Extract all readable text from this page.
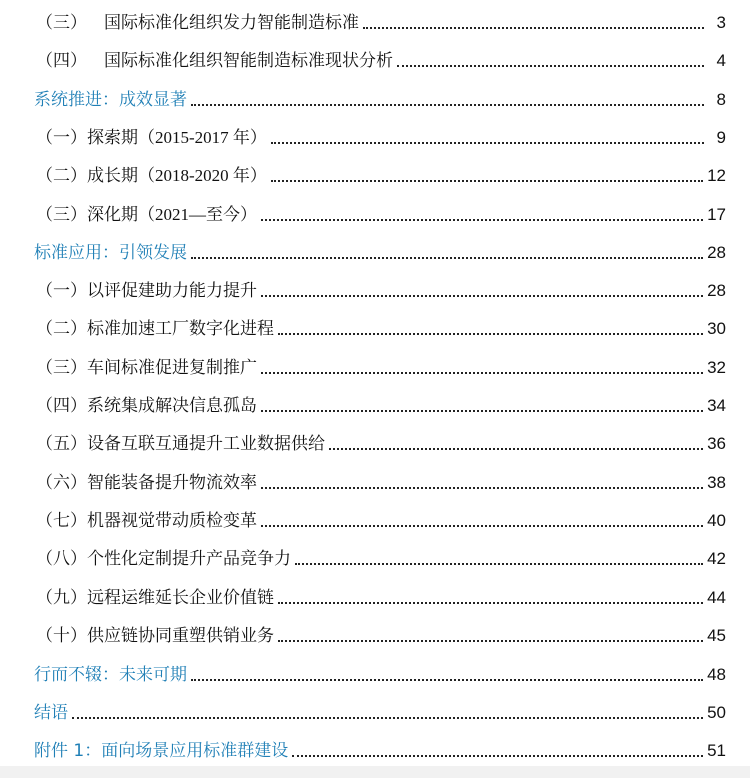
（三） 国际标准化组织发力智能制造标准	3
（四） 国际标准化组织智能制造标准现状分析	4
系统推进：成效显著	8
（一）探索期（2015-2017 年）	9
（二）成长期（2018-2020 年）	12
（三）深化期（2021—至今）	17
标准应用：引领发展	28
（一）以评促建助力能力提升	28
（二）标准加速工厂数字化进程	30
（三）车间标准促进复制推广	32
（四）系统集成解决信息孤岛	34
（五）设备互联互通提升工业数据供给	36
（六）智能装备提升物流效率	38
（七）机器视觉带动质检变革	40
（八）个性化定制提升产品竞争力	42
（九）远程运维延长企业价值链	44
（十）供应链协同重塑供销业务	45
行而不辍：未来可期	48
结语	50
附件 1：面向场景应用标准群建设	51
